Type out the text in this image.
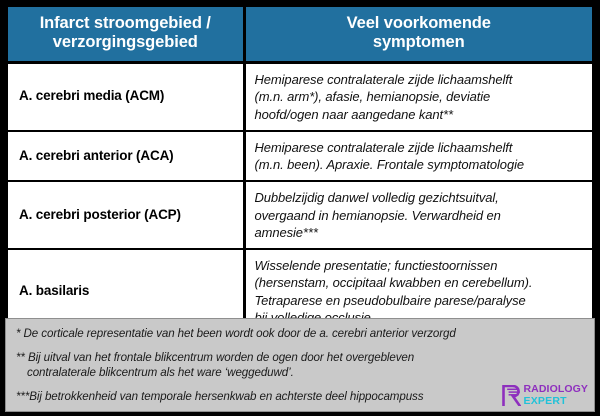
Infarct stroomgebied /
verzorgingsgebied	Veel voorkomende
symptomen
A. cerebri media (ACM)	Hemiparese contralaterale zijde lichaamshelft
(m.n. arm*), afasie, hemianopsie, deviatie
hoofd/ogen naar aangedane kant**

A. cerebri anterior (ACA)	Hemiparese contralaterale zijde lichaamshelft
(m.n. been). Apraxie. Frontale symptomatologie

A. cerebri posterior (ACP)	Dubbelzijdig danwel volledig gezichtsuitval,
overgaand in hemianopsie. Verwardheid en
amnesie***

A. basilaris	Wisselende presentatie; functiestoornissen
(hersenstam, occipitaal kwabben en cerebellum).
Tetraparese en pseudobulbaire parese/paralyse
* De corticale representatie van het been wordt ook door de a. cerebri anterior verzorgd
** Bij uitval van het frontale blikcentrum worden de ogen door het overgebleven
contralaterale blikcentrum als het ware ‘weggeduwd’.
***Bij betrokkenheid van temporale hersenkwab en achterste deel hippocampuss
RADIOLOGY
EXPERT
